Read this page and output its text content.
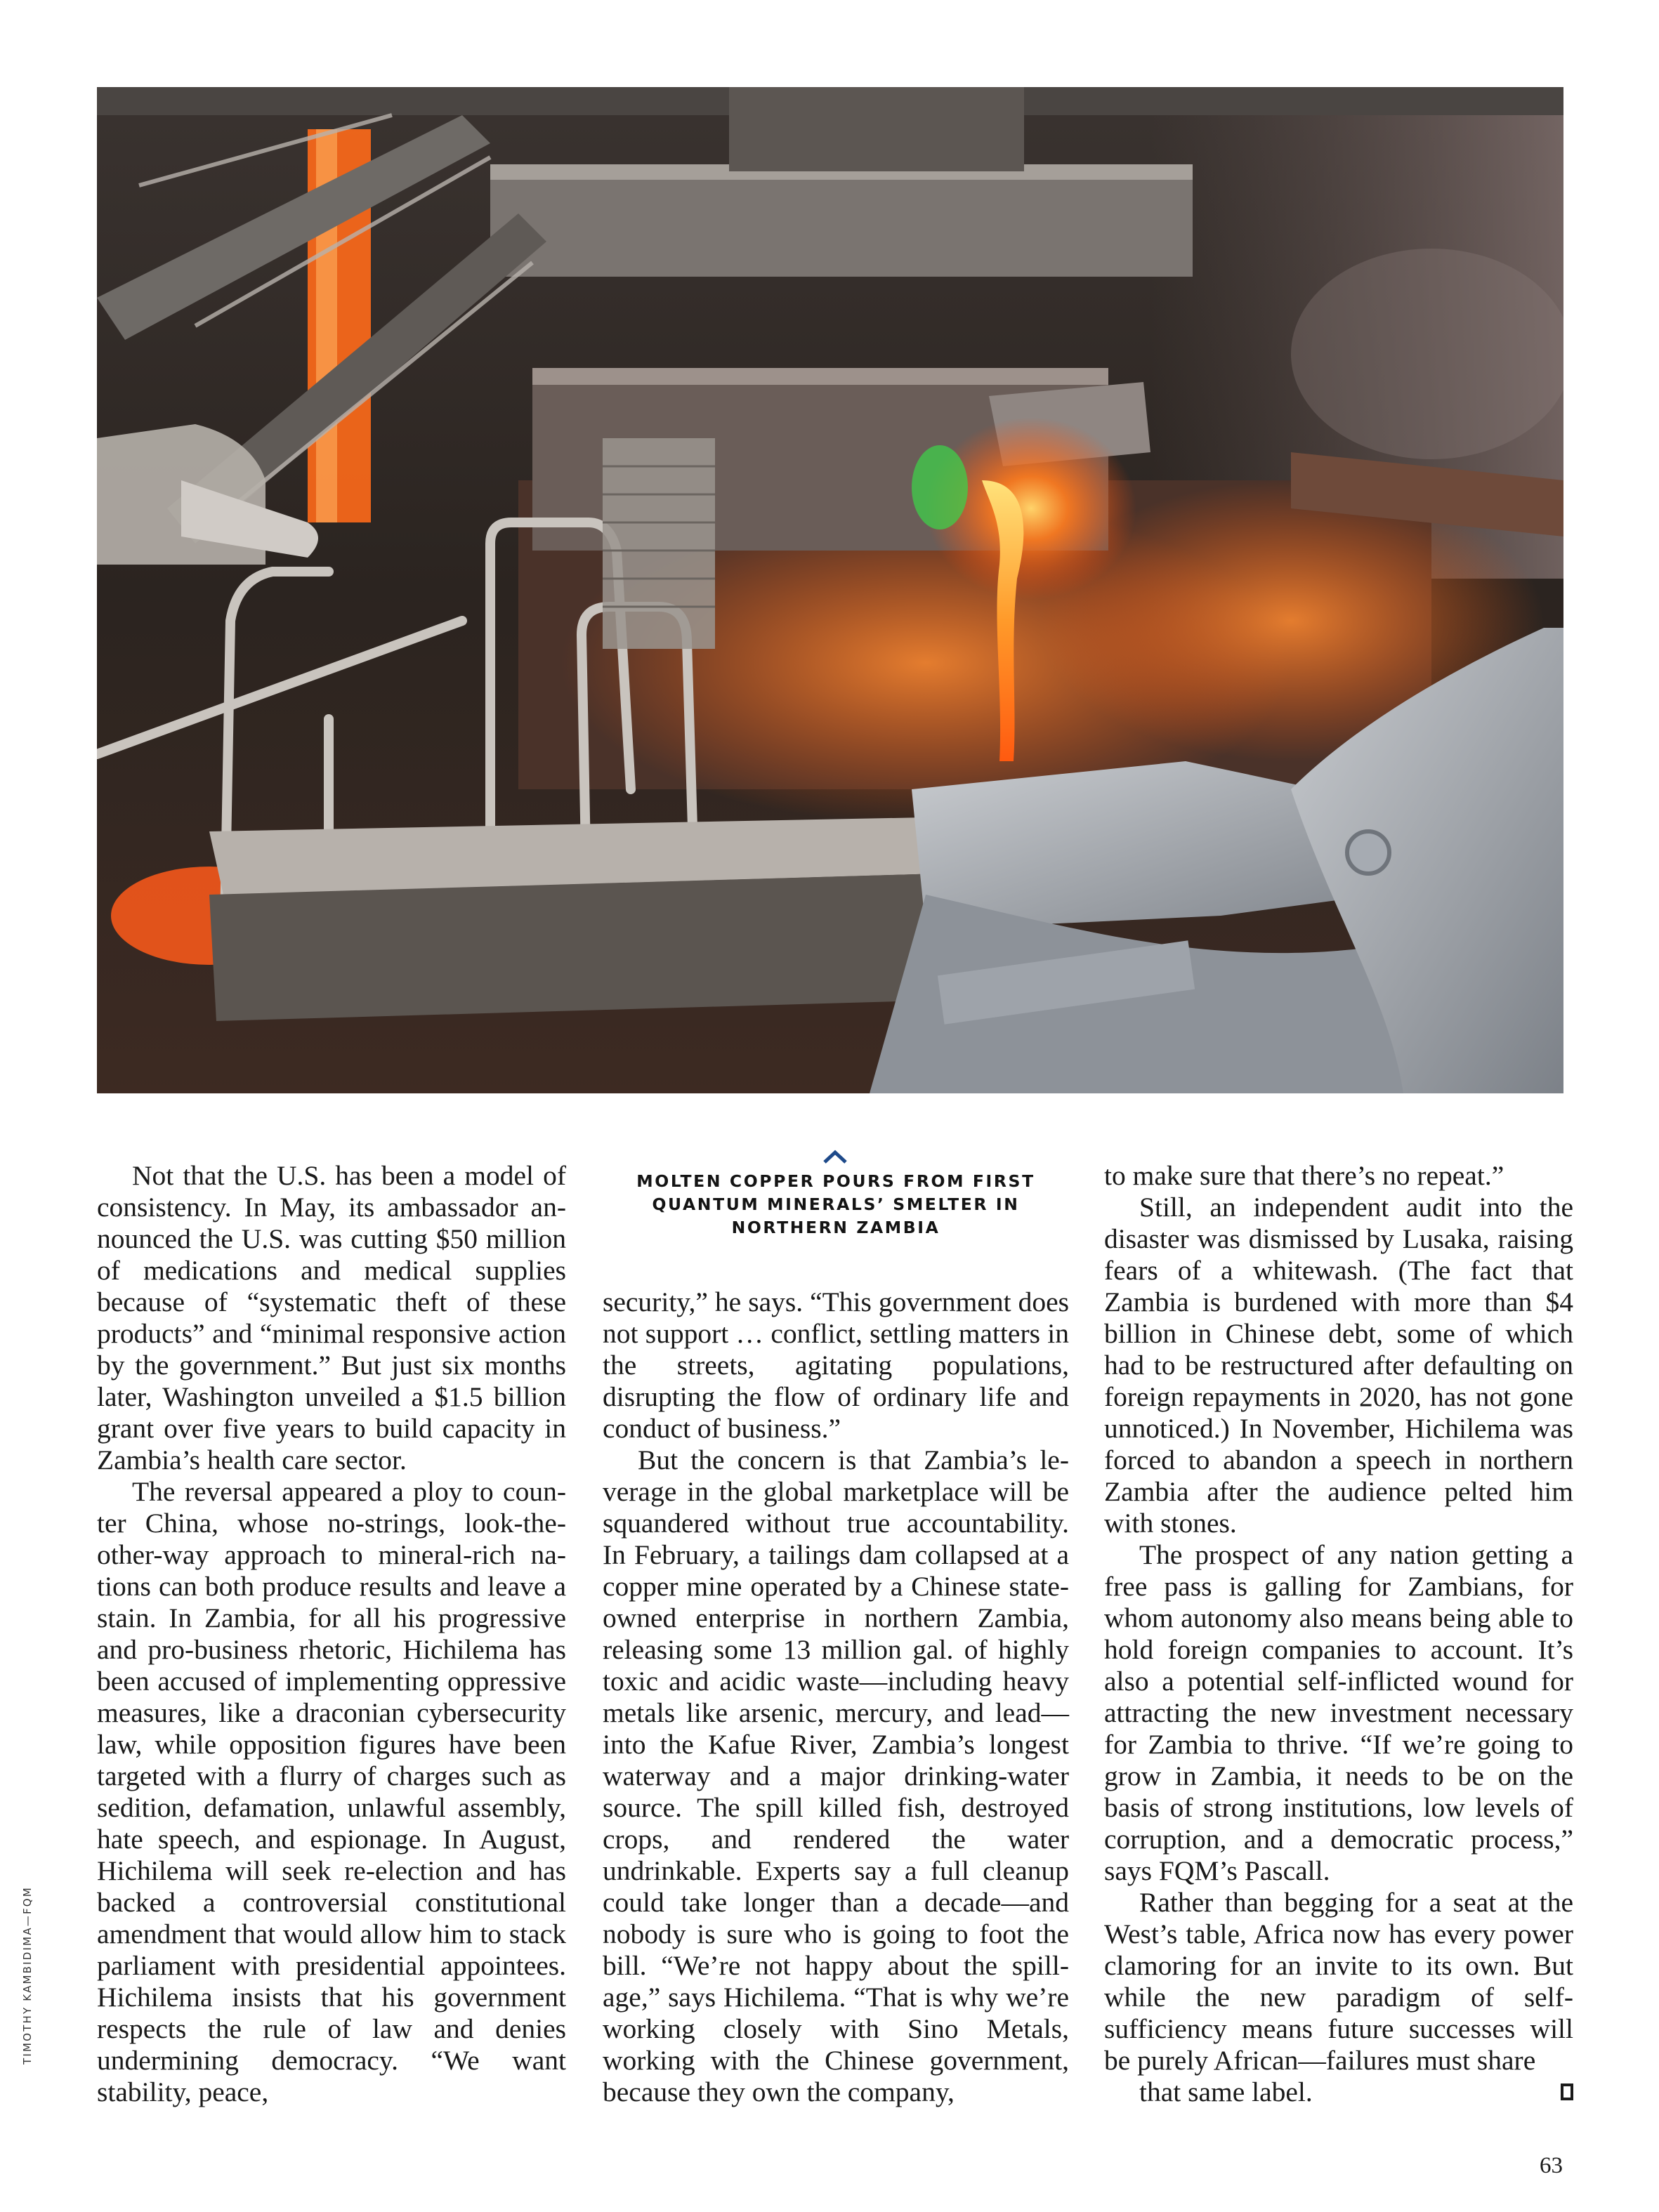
MOLTEN COPPER POURS FROM FIRST QUANTUM MINERALS’ SMELTER IN NORTHERN ZAMBIA

Not that the U.S. has been a model of consistency. In May, its ambassador announced the U.S. was cutting $50 million of medications and medical supplies because of “systematic theft of these products” and “minimal responsive action by the government.” But just six months later, Washington unveiled a $1.5 billion grant over five years to build capacity in Zambia’s health care sector.

The reversal appeared a ploy to counter China, whose no-strings, look-the-other-way approach to mineral-rich nations can both produce results and leave a stain. In Zambia, for all his progressive and pro-business rhetoric, Hichilema has been accused of implementing oppressive measures, like a draconian cybersecurity law, while opposition figures have been targeted with a flurry of charges such as sedition, defamation, unlawful assembly, hate speech, and espionage. In August, Hichilema will seek re-election and has backed a controversial constitutional amendment that would allow him to stack parliament with presidential appointees. Hichilema insists that his government respects the rule of law and denies undermining democracy. “We want stability, peace,

security,” he says. “This government does not support … conflict, settling matters in the streets, agitating populations, disrupting the flow of ordinary life and conduct of business.”

But the concern is that Zambia’s leverage in the global marketplace will be squandered without true accountability. In February, a tailings dam collapsed at a copper mine operated by a Chinese state-owned enterprise in northern Zambia, releasing some 13 million gal. of highly toxic and acidic waste—including heavy metals like arsenic, mercury, and lead—into the Kafue River, Zambia’s longest waterway and a major drinking-water source. The spill killed fish, destroyed crops, and rendered the water undrinkable. Experts say a full cleanup could take longer than a decade—and nobody is sure who is going to foot the bill. “We’re not happy about the spillage,” says Hichilema. “That is why we’re working closely with Sino Metals, working with the Chinese government, because they own the company,

to make sure that there’s no repeat.”

Still, an independent audit into the disaster was dismissed by Lusaka, raising fears of a whitewash. (The fact that Zambia is burdened with more than $4 billion in Chinese debt, some of which had to be restructured after defaulting on foreign repayments in 2020, has not gone unnoticed.) In November, Hichilema was forced to abandon a speech in northern Zambia after the audience pelted him with stones.

The prospect of any nation getting a free pass is galling for Zambians, for whom autonomy also means being able to hold foreign companies to account. It’s also a potential self-inflicted wound for attracting the new investment necessary for Zambia to thrive. “If we’re going to grow in Zambia, it needs to be on the basis of strong institutions, low levels of corruption, and a democratic process,” says FQM’s Pascall.

Rather than begging for a seat at the West’s table, Africa now has every power clamoring for an invite to its own. But while the new paradigm of self-sufficiency means future successes will be purely African—failures must share
that same label.

TIMOTHY KAMBIDIMA—FQM
63
